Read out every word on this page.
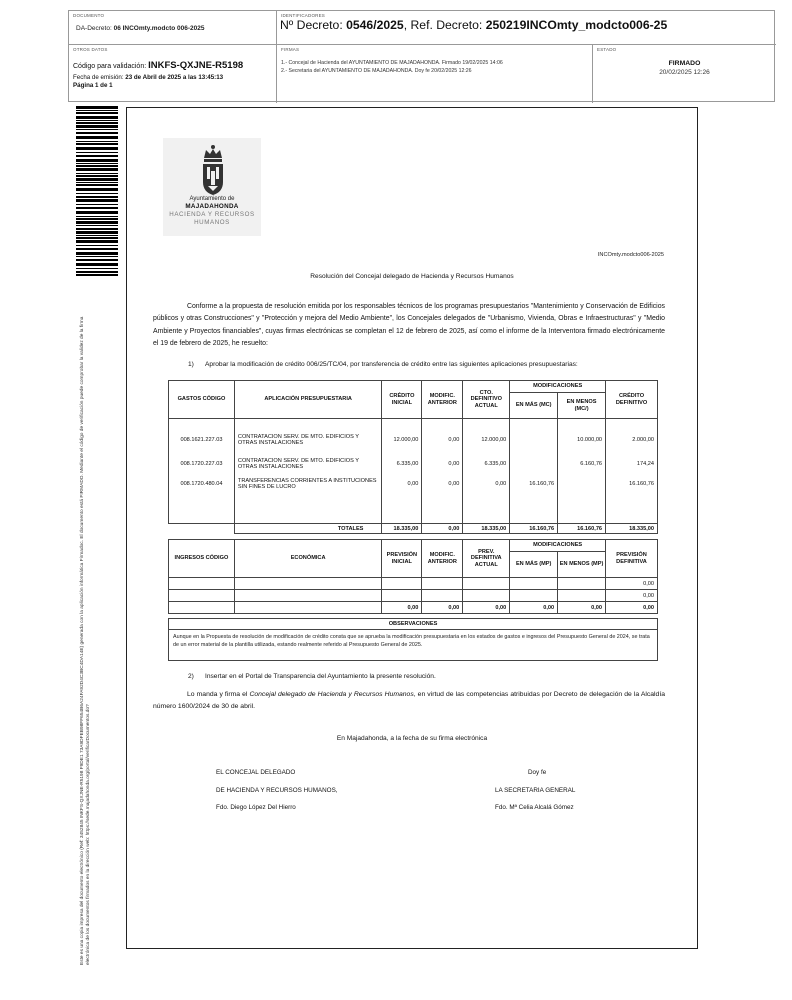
DOCUMENTO
DA-Decreto: 06 INCOmty.modcto 006-2025
IDENTIFICADORES
Nº Decreto: 0546/2025, Ref. Decreto: 250219INCOmty_modcto006-25
OTROS DATOS
Código para validación: INKFS-QXJNE-R5198
Fecha de emisión: 23 de Abril de 2025 a las 13:45:13
Página 1 de 1
FIRMAS
1.- Concejal de Hacienda del AYUNTAMIENTO DE MAJADAHONDA. Firmado 19/02/2025 14:06
2.- Secretaria del AYUNTAMIENTO DE MAJADAHONDA. Doy fe 20/02/2025 12:26
ESTADO
FIRMADO
20/02/2025 12:26
Este es una copia impresa del documento electrónico (Ref: 3452845 INKFS-QXJNE-R5198 F9DE1 73A9DFEB98FF654B6A24FA92D4C3BC4DA14E) generada con la aplicación informática Firmadoc. El documento está FIRMADO. Mediante el código de verificación puede comprobar la validez de la firma electrónica de los documentos firmados en la dirección web: https://sede.majadahonda.org/portal/verificarDocumentos.do?
Ayuntamiento de
MAJADAHONDA
HACIENDA Y RECURSOS
HUMANOS
INCOmty.modcto006-2025
Resolución del Concejal delegado de Hacienda y Recursos Humanos
Conforme a la propuesta de resolución emitida por los responsables técnicos de los programas presupuestarios "Mantenimiento y Conservación de Edificios públicos y otras Construcciones" y "Protección y mejora del Medio Ambiente", los Concejales delegados de "Urbanismo, Vivienda, Obras e Infraestructuras" y "Medio Ambiente y Proyectos financiables", cuyas firmas electrónicas se completan el 12 de febrero de 2025, así como el informe de la Interventora firmado electrónicamente el 19 de febrero de 2025, he resuelto:
1) Aprobar la modificación de crédito 006/25/TC/04, por transferencia de crédito entre las siguientes aplicaciones presupuestarias:
GASTOS CÓDIGO	APLICACIÓN PRESUPUESTARIA	CRÉDITO INICIAL	MODIFIC. ANTERIOR	CTO. DEFINITIVO ACTUAL	MODIFICACIONES	CRÉDITO DEFINITIVO
EN MÁS (MC)	EN MENOS (MC/)

008.1621.227.03	CONTRATACION SERV. DE MTO. EDIFICIOS Y OTRAS INSTALACIONES	12.000,00	0,00	12.000,00		10.000,00	2.000,00
008.1720.227.03	CONTRATACION SERV. DE MTO. EDIFICIOS Y OTRAS INSTALACIONES	6.335,00	0,00	6.335,00		6.160,76	174,24
008.1720.480.04	TRANSFERENCIAS CORRIENTES A INSTITUCIONES SIN FINES DE LUCRO	0,00	0,00	0,00	16.160,76		16.160,76

	TOTALES	18.335,00	0,00	18.335,00	16.160,76	16.160,76	18.335,00
INGRESOS CÓDIGO	ECONÓMICA	PREVISIÓN INICIAL	MODIFIC. ANTERIOR	PREV. DEFINITIVA ACTUAL	MODIFICACIONES	PREVISIÓN DEFINITIVA
EN MÁS (MP)	EN MENOS (MP)
							0,00
							0,00
		0,00	0,00	0,00	0,00	0,00	0,00
OBSERVACIONES
Aunque en la Propuesta de resolución de modificación de crédito consta que se aprueba la modificación presupuestaria en los estados de gastos e ingresos del Presupuesto General de 2024, se trata de un error material de la plantilla utilizada, estando realmente referido al Presupuesto General de 2025.
2) Insertar en el Portal de Transparencia del Ayuntamiento la presente resolución.
Lo manda y firma el Concejal delegado de Hacienda y Recursos Humanos, en virtud de las competencias atribuidas por Decreto de delegación de la Alcaldía número 1600/2024 de 30 de abril.
En Majadahonda, a la fecha de su firma electrónica
EL CONCEJAL DELEGADO
DE HACIENDA Y RECURSOS HUMANOS,
Fdo. Diego López Del Hierro
Doy fe
LA SECRETARIA GENERAL
Fdo. Mª Celia Alcalá Gómez
